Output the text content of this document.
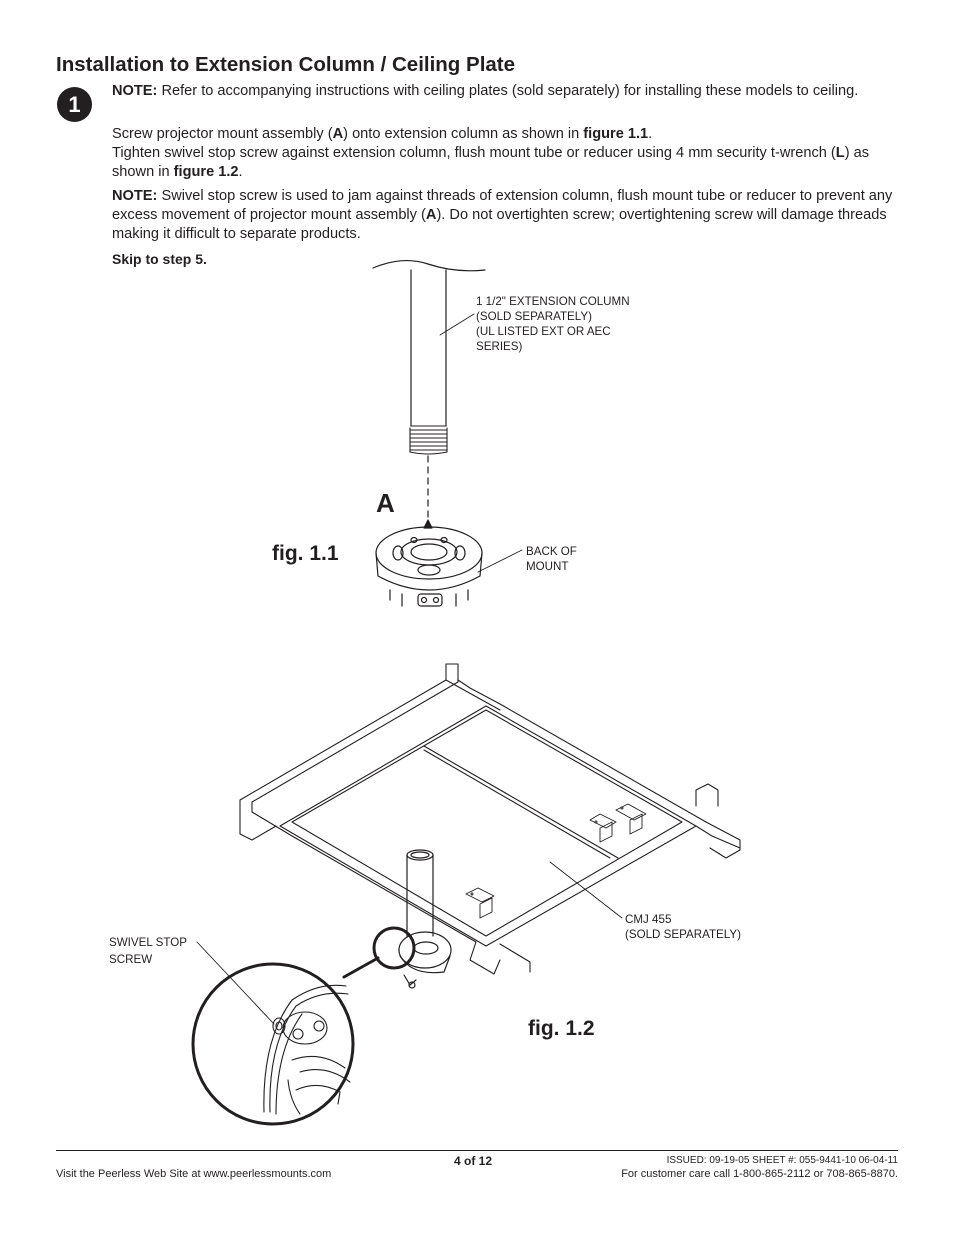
Installation to Extension Column / Ceiling Plate
1
NOTE: Refer to accompanying instructions with ceiling plates (sold separately) for installing these models to ceiling.
Screw projector mount assembly (A) onto extension column as shown in figure 1.1.
Tighten swivel stop screw against extension column, flush mount tube or reducer using 4 mm security t-wrench (L) as shown in figure 1.2.
NOTE: Swivel stop screw is used to jam against threads of extension column, flush mount tube or reducer to prevent any excess movement of projector mount assembly (A). Do not overtighten screw; overtightening screw will damage threads making it difficult to separate products.
Skip to step 5.
1 1/2" EXTENSION COLUMN
(SOLD SEPARATELY)
(UL LISTED EXT OR AEC
SERIES)
A
fig. 1.1	BACK OF
MOUNT
CMJ 455
(SOLD SEPARATELY)
SWIVEL STOP
SCREW
fig. 1.2
4 of 12
Visit the Peerless Web Site at www.peerlessmounts.com
ISSUED: 09-19-05 SHEET #: 055-9441-10 06-04-11
For customer care call 1-800-865-2112 or 708-865-8870.
